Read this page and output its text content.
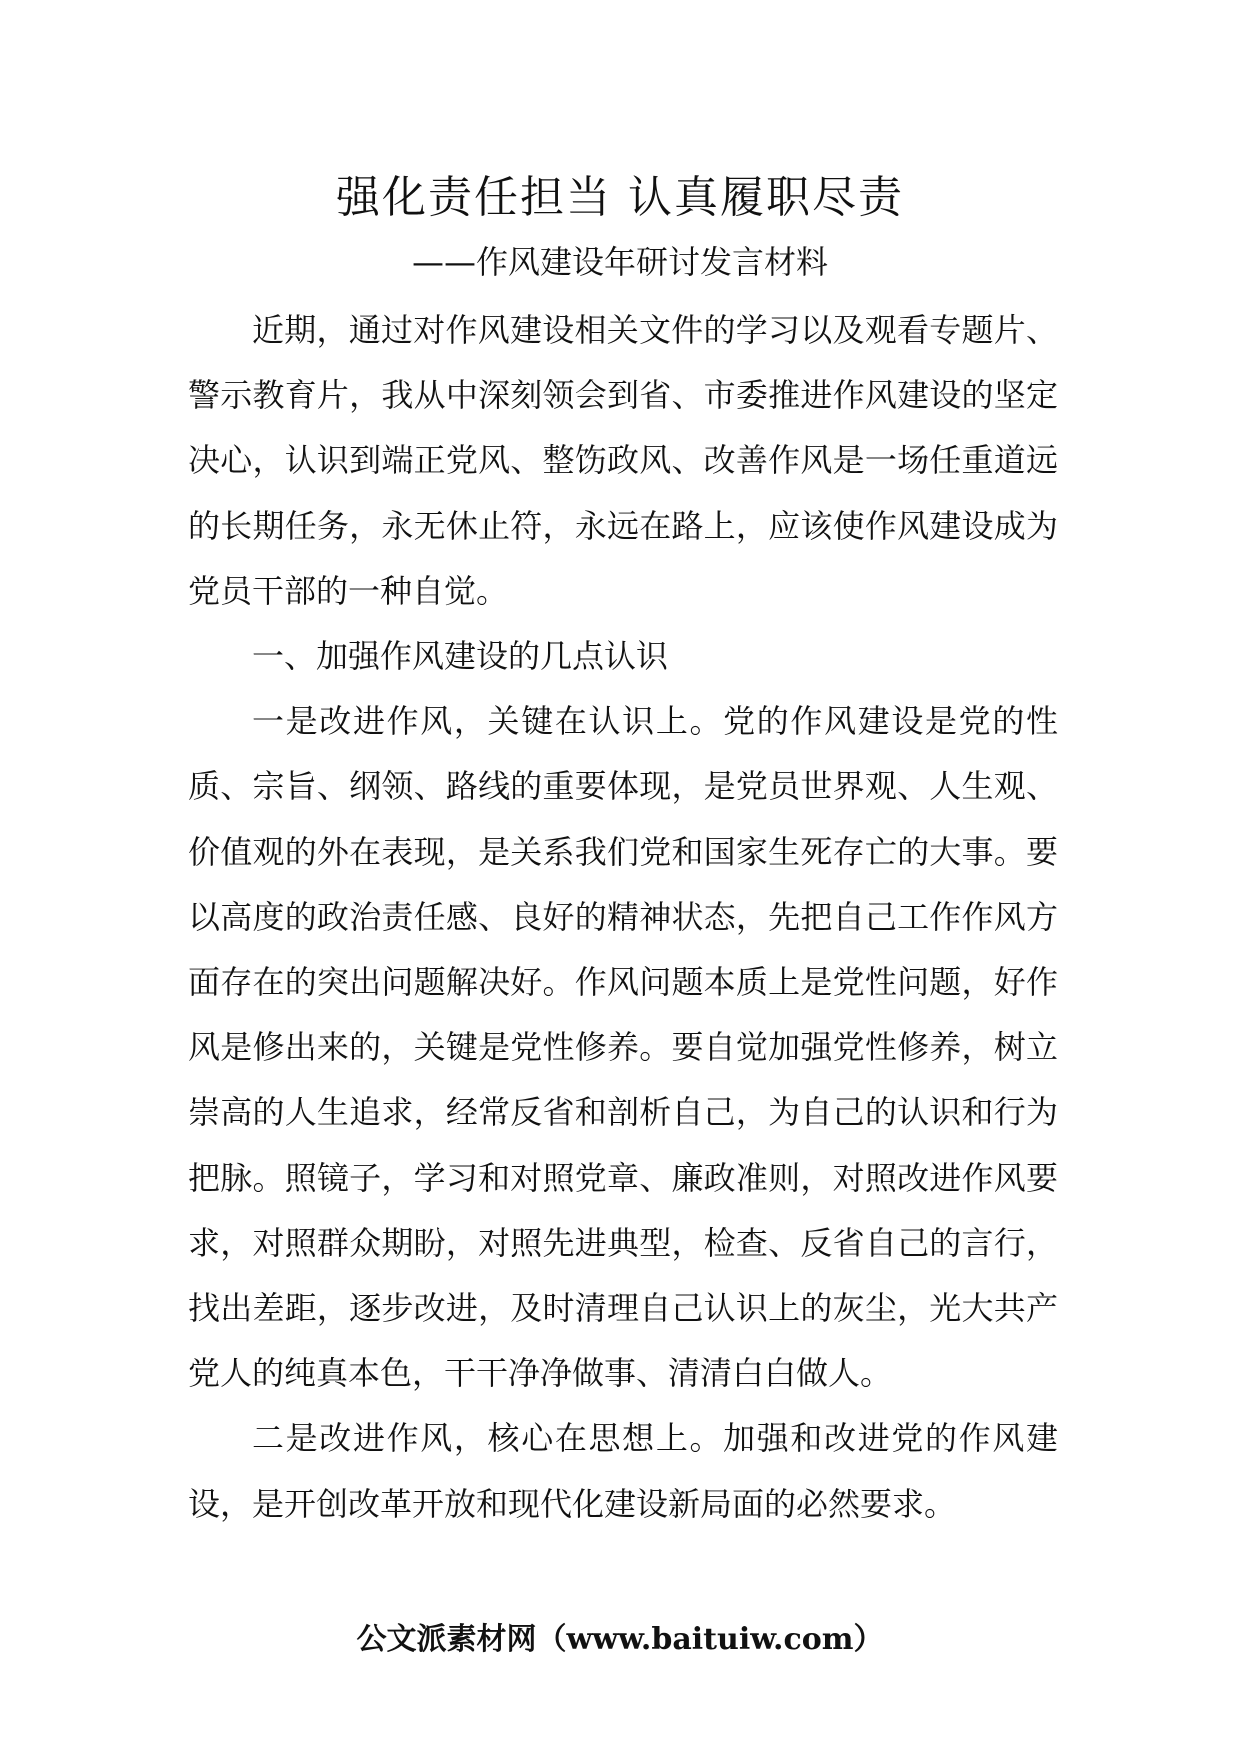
强化责任担当 认真履职尽责
——作风建设年研讨发言材料

近期，通过对作风建设相关文件的学习以及观看专题片、警示教育片，我从中深刻领会到省、市委推进作风建设的坚定决心，认识到端正党风、整饬政风、改善作风是一场任重道远的长期任务，永无休止符，永远在路上，应该使作风建设成为党员干部的一种自觉。

一、加强作风建设的几点认识

一是改进作风，关键在认识上。党的作风建设是党的性质、宗旨、纲领、路线的重要体现，是党员世界观、人生观、价值观的外在表现，是关系我们党和国家生死存亡的大事。要以高度的政治责任感、良好的精神状态，先把自己工作作风方面存在的突出问题解决好。作风问题本质上是党性问题，好作风是修出来的，关键是党性修养。要自觉加强党性修养，树立崇高的人生追求，经常反省和剖析自己，为自己的认识和行为把脉。照镜子，学习和对照党章、廉政准则，对照改进作风要求，对照群众期盼，对照先进典型，检查、反省自己的言行，找出差距，逐步改进，及时清理自己认识上的灰尘，光大共产党人的纯真本色，干干净净做事、清清白白做人。

二是改进作风，核心在思想上。加强和改进党的作风建设，是开创改革开放和现代化建设新局面的必然要求。

公文派素材网（www.baituiw.com）
